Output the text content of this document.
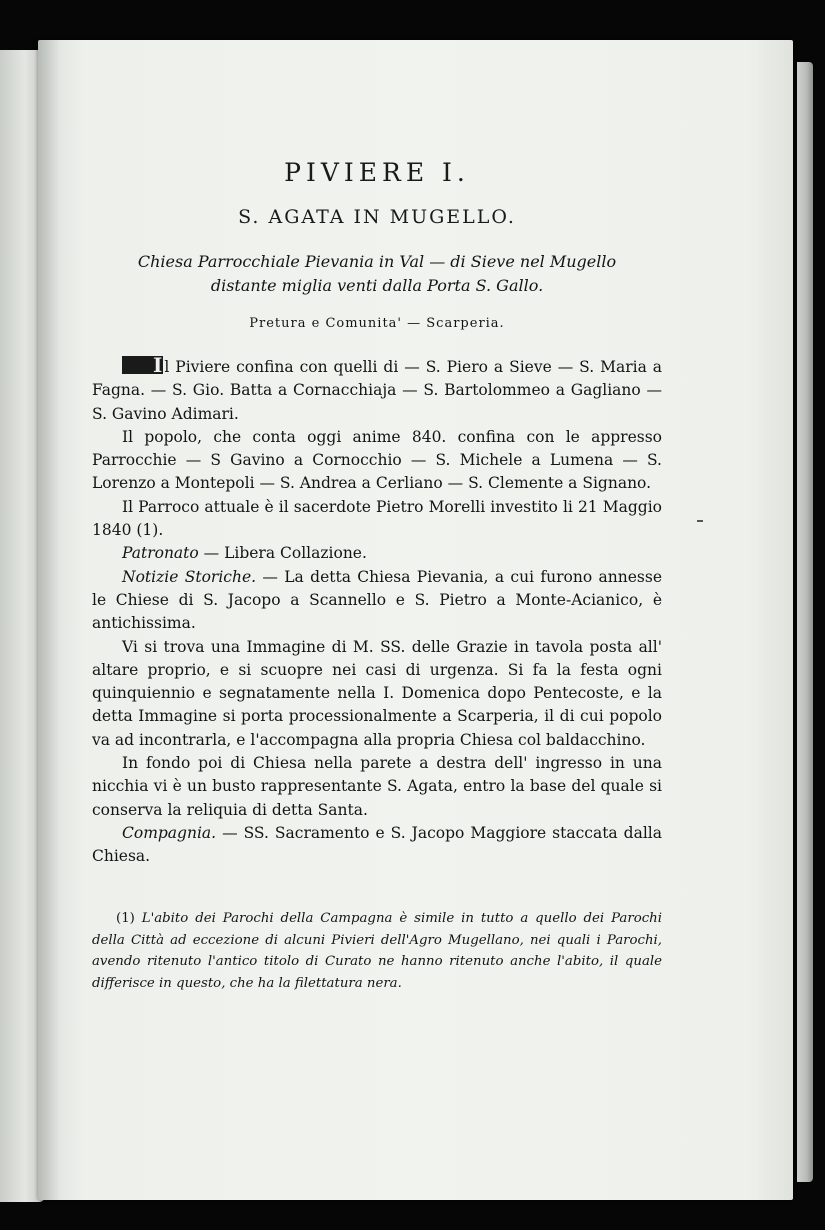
PIVIERE I.
S. AGATA IN MUGELLO.
Chiesa Parrocchiale Pievania in Val — di Sieve nel Mugello
distante miglia venti dalla Porta S. Gallo.
Pretura e Comunita' — Scarperia.

I l Piviere confina con quelli di — S. Piero a Sieve — S. Maria a Fagna. — S. Gio. Batta a Cornacchiaja — S. Bartolommeo a Gagliano — S. Gavino Adimari.

Il popolo, che conta oggi anime 840. confina con le appresso Parrocchie — S Gavino a Cornocchio — S. Michele a Lumena — S. Lorenzo a Montepoli — S. Andrea a Cerliano — S. Clemente a Signano.

Il Parroco attuale è il sacerdote Pietro Morelli investito li 21 Maggio 1840 (1).

Patronato — Libera Collazione.

Notizie Storiche. — La detta Chiesa Pievania, a cui furono annesse le Chiese di S. Jacopo a Scannello e S. Pietro a Monte-Acianico, è antichissima.

Vi si trova una Immagine di M. SS. delle Grazie in tavola posta all' altare proprio, e si scuopre nei casi di urgenza. Si fa la festa ogni quinquiennio e segnatamente nella I. Domenica dopo Pentecoste, e la detta Immagine si porta processionalmente a Scarperia, il di cui popolo va ad incontrarla, e l'accompagna alla propria Chiesa col baldacchino.

In fondo poi di Chiesa nella parete a destra dell' ingresso in una nicchia vi è un busto rappresentante S. Agata, entro la base del quale si conserva la reliquia di detta Santa.

Compagnia. — SS. Sacramento e S. Jacopo Maggiore staccata dalla Chiesa.

(1) L'abito dei Parochi della Campagna è simile in tutto a quello dei Parochi della Città ad eccezione di alcuni Pivieri dell'Agro Mugellano, nei quali i Parochi, avendo ritenuto l'antico titolo di Curato ne hanno ritenuto anche l'abito, il quale differisce in questo, che ha la filettatura nera.
